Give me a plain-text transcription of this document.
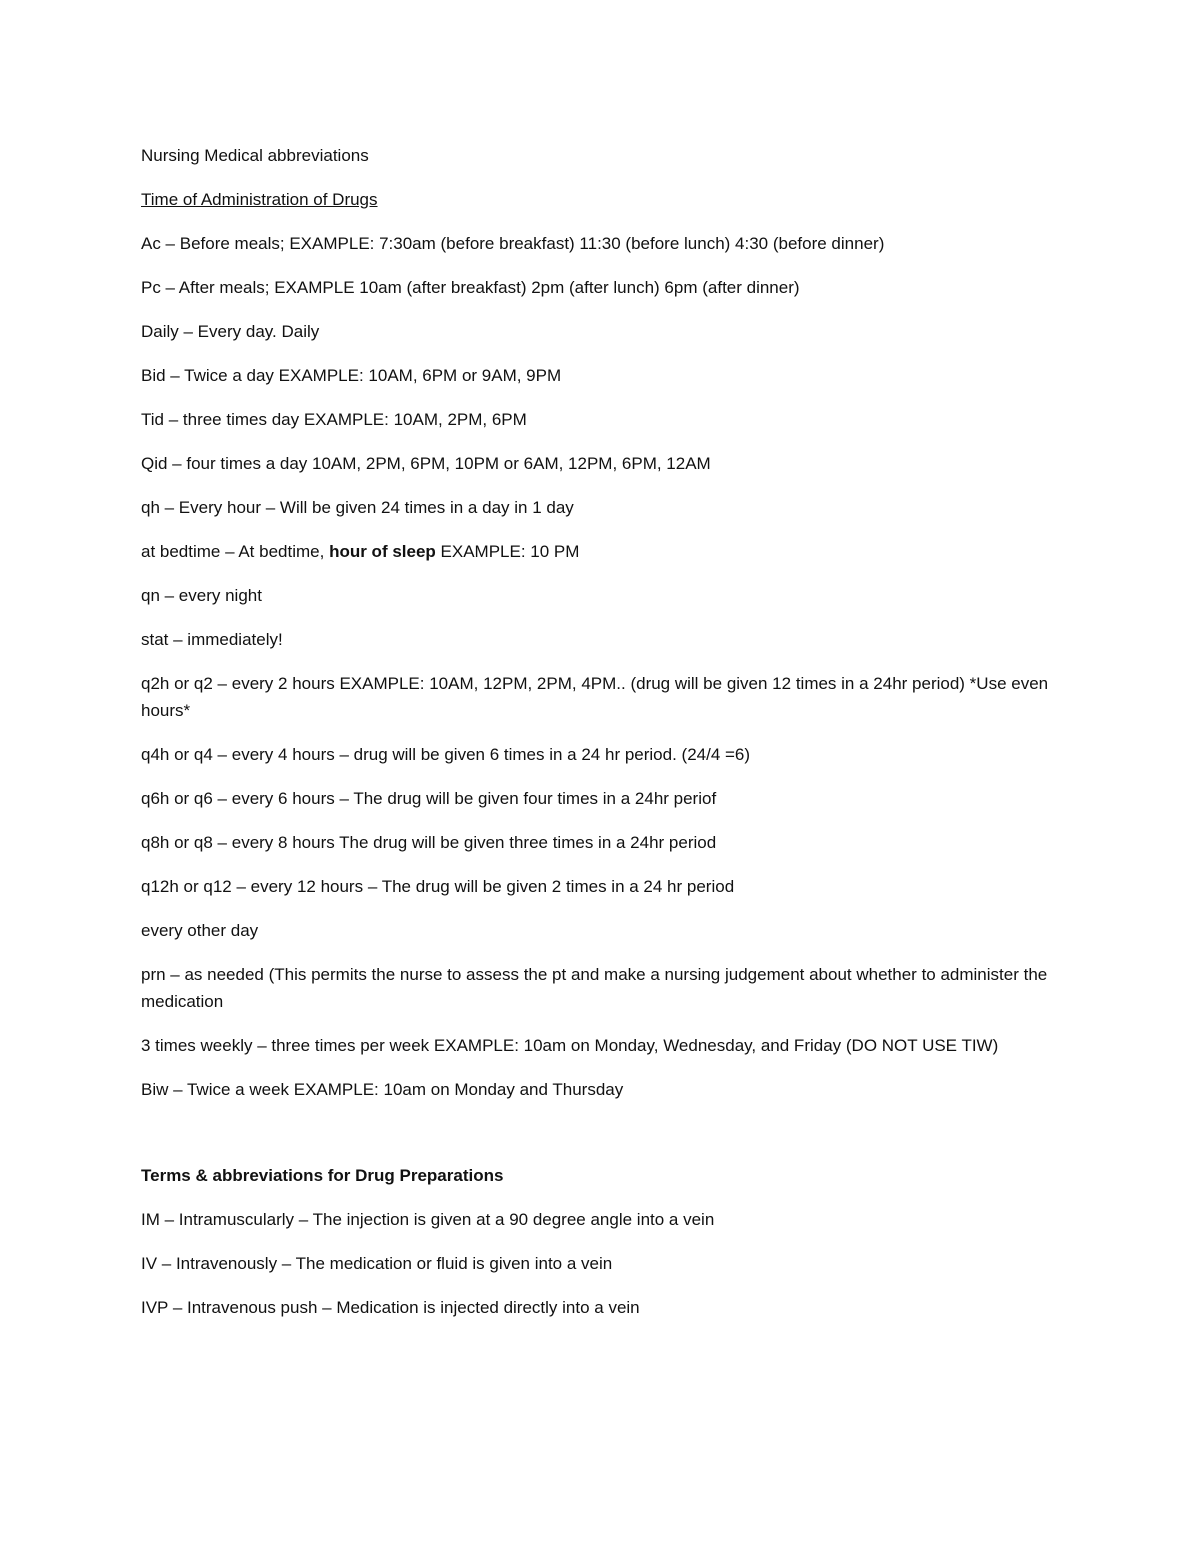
Nursing Medical abbreviations

Time of Administration of Drugs

Ac – Before meals; EXAMPLE: 7:30am (before breakfast) 11:30 (before lunch) 4:30 (before dinner)

Pc – After meals; EXAMPLE 10am (after breakfast) 2pm (after lunch) 6pm (after dinner)

Daily – Every day. Daily

Bid – Twice a day EXAMPLE: 10AM, 6PM or 9AM, 9PM

Tid – three times day EXAMPLE: 10AM, 2PM, 6PM

Qid – four times a day 10AM, 2PM, 6PM, 10PM or 6AM, 12PM, 6PM, 12AM

qh – Every hour – Will be given 24 times in a day in 1 day

at bedtime – At bedtime, hour of sleep EXAMPLE: 10 PM

qn – every night

stat – immediately!

q2h or q2 – every 2 hours EXAMPLE: 10AM, 12PM, 2PM, 4PM.. (drug will be given 12 times in a 24hr period) *Use even hours*

q4h or q4 – every 4 hours – drug will be given 6 times in a 24 hr period. (24/4 =6)

q6h or q6 – every 6 hours – The drug will be given four times in a 24hr periof

q8h or q8 – every 8 hours The drug will be given three times in a 24hr period

q12h or q12 – every 12 hours – The drug will be given 2 times in a 24 hr period

every other day

prn – as needed (This permits the nurse to assess the pt and make a nursing judgement about whether to administer the medication

3 times weekly – three times per week EXAMPLE: 10am on Monday, Wednesday, and Friday (DO NOT USE TIW)

Biw – Twice a week EXAMPLE: 10am on Monday and Thursday

Terms & abbreviations for Drug Preparations

IM – Intramuscularly – The injection is given at a 90 degree angle into a vein

IV – Intravenously – The medication or fluid is given into a vein

IVP – Intravenous push – Medication is injected directly into a vein
